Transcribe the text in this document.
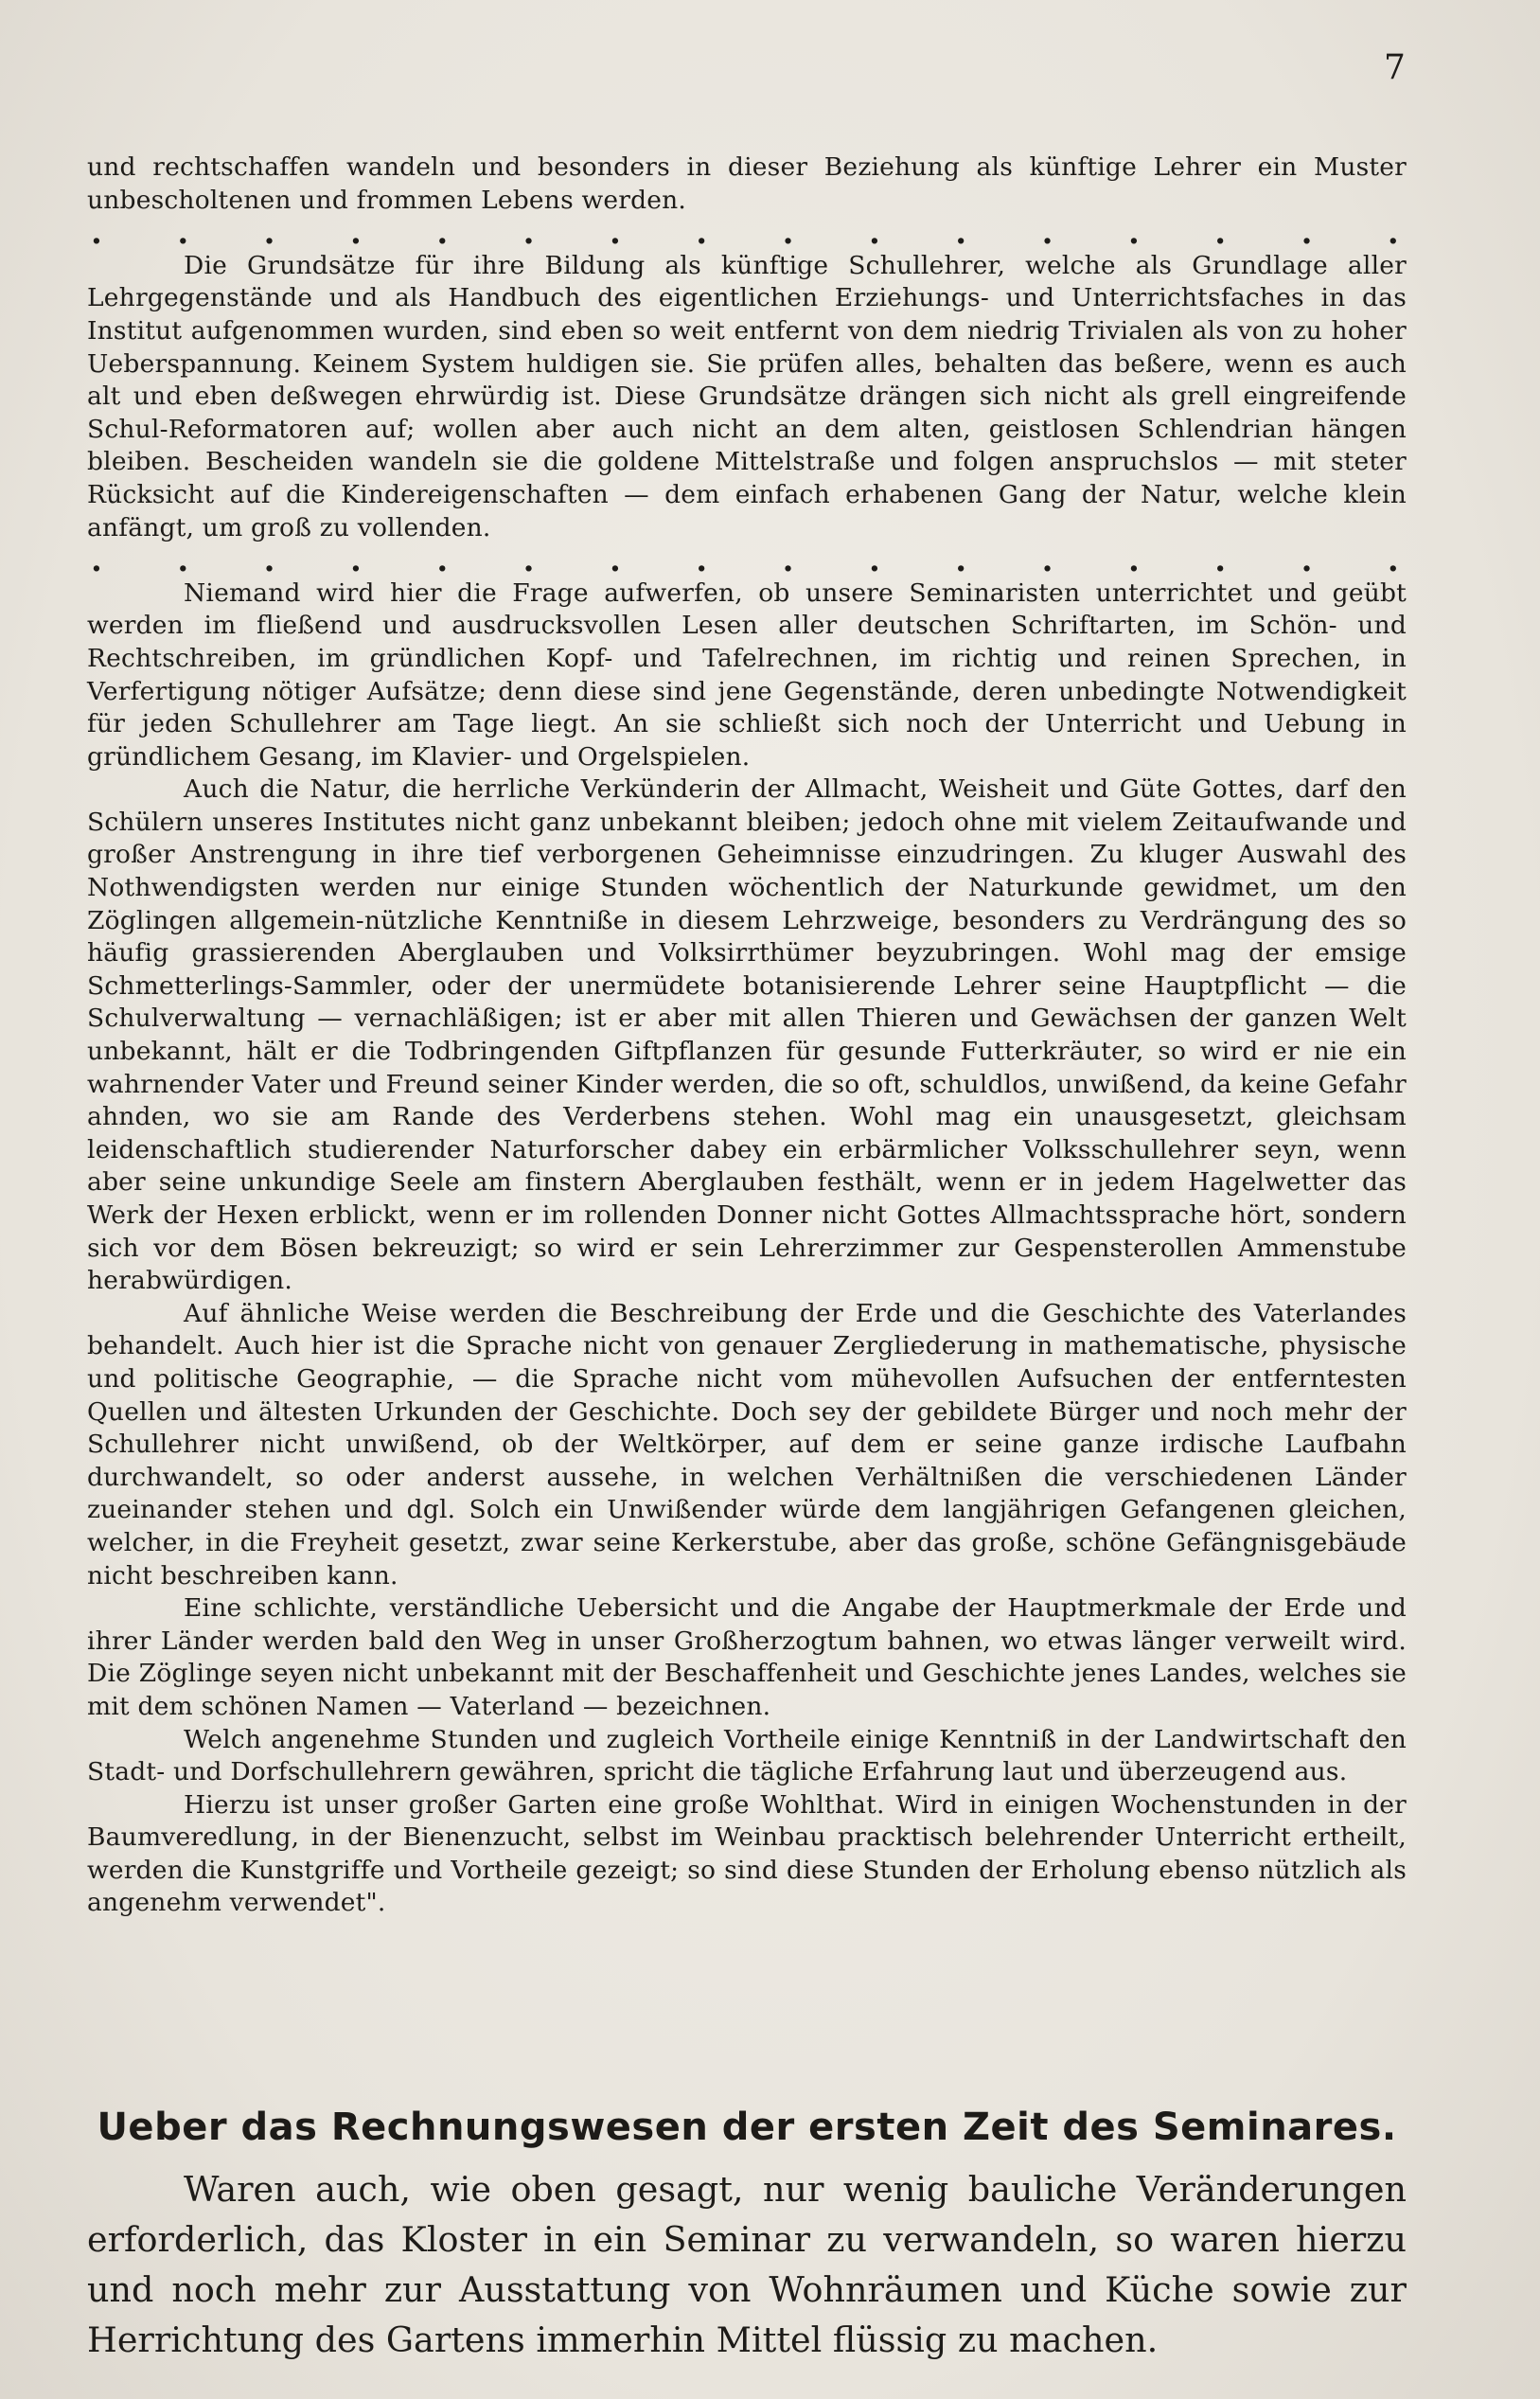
7

und rechtschaffen wandeln und besonders in dieser Beziehung als künftige Lehrer ein Muster unbescholtenen und frommen Lebens werden.

. . . . . . . . . . . . . . . .

Die Grundsätze für ihre Bildung als künftige Schullehrer, welche als Grundlage aller Lehrgegenstände und als Handbuch des eigentlichen Erziehungs- und Unterrichtsfaches in das Institut aufgenommen wurden, sind eben so weit entfernt von dem niedrig Trivialen als von zu hoher Ueberspannung. Keinem System huldigen sie. Sie prüfen alles, behalten das beßere, wenn es auch alt und eben deßwegen ehrwürdig ist. Diese Grundsätze drängen sich nicht als grell eingreifende Schul-Reformatoren auf; wollen aber auch nicht an dem alten, geistlosen Schlendrian hängen bleiben. Bescheiden wandeln sie die goldene Mittelstraße und folgen anspruchslos — mit steter Rücksicht auf die Kindereigenschaften — dem einfach erhabenen Gang der Natur, welche klein anfängt, um groß zu vollenden.

. . . . . . . . . . . . . . . .

Niemand wird hier die Frage aufwerfen, ob unsere Seminaristen unterrichtet und geübt werden im fließend und ausdrucksvollen Lesen aller deutschen Schriftarten, im Schön- und Rechtschreiben, im gründlichen Kopf- und Tafelrechnen, im richtig und reinen Sprechen, in Verfertigung nötiger Aufsätze; denn diese sind jene Gegenstände, deren unbedingte Notwendigkeit für jeden Schullehrer am Tage liegt. An sie schließt sich noch der Unterricht und Uebung in gründlichem Gesang, im Klavier- und Orgelspielen.

Auch die Natur, die herrliche Verkünderin der Allmacht, Weisheit und Güte Gottes, darf den Schülern unseres Institutes nicht ganz unbekannt bleiben; jedoch ohne mit vielem Zeitaufwande und großer Anstrengung in ihre tief verborgenen Geheimnisse einzudringen. Zu kluger Auswahl des Nothwendigsten werden nur einige Stunden wöchentlich der Naturkunde gewidmet, um den Zöglingen allgemein-nützliche Kenntniße in diesem Lehrzweige, besonders zu Verdrängung des so häufig grassierenden Aberglauben und Volksirrthümer beyzubringen. Wohl mag der emsige Schmetterlings-Sammler, oder der unermüdete botanisierende Lehrer seine Hauptpflicht — die Schulverwaltung — vernachläßigen; ist er aber mit allen Thieren und Gewächsen der ganzen Welt unbekannt, hält er die Todbringenden Giftpflanzen für gesunde Futterkräuter, so wird er nie ein wahrnender Vater und Freund seiner Kinder werden, die so oft, schuldlos, unwißend, da keine Gefahr ahnden, wo sie am Rande des Verderbens stehen. Wohl mag ein unausgesetzt, gleichsam leidenschaftlich studierender Naturforscher dabey ein erbärmlicher Volksschullehrer seyn, wenn aber seine unkundige Seele am finstern Aberglauben festhält, wenn er in jedem Hagelwetter das Werk der Hexen erblickt, wenn er im rollenden Donner nicht Gottes Allmachtssprache hört, sondern sich vor dem Bösen bekreuzigt; so wird er sein Lehrerzimmer zur Gespensterollen Ammenstube herabwürdigen.

Auf ähnliche Weise werden die Beschreibung der Erde und die Geschichte des Vaterlandes behandelt. Auch hier ist die Sprache nicht von genauer Zergliederung in mathematische, physische und politische Geographie, — die Sprache nicht vom mühevollen Aufsuchen der entferntesten Quellen und ältesten Urkunden der Geschichte. Doch sey der gebildete Bürger und noch mehr der Schullehrer nicht unwißend, ob der Weltkörper, auf dem er seine ganze irdische Laufbahn durchwandelt, so oder anderst aussehe, in welchen Verhältnißen die verschiedenen Länder zueinander stehen und dgl. Solch ein Unwißender würde dem langjährigen Gefangenen gleichen, welcher, in die Freyheit gesetzt, zwar seine Kerkerstube, aber das große, schöne Gefängnisgebäude nicht beschreiben kann.

Eine schlichte, verständliche Uebersicht und die Angabe der Hauptmerkmale der Erde und ihrer Länder werden bald den Weg in unser Großherzogtum bahnen, wo etwas länger verweilt wird. Die Zöglinge seyen nicht unbekannt mit der Beschaffenheit und Geschichte jenes Landes, welches sie mit dem schönen Namen — Vaterland — bezeichnen.

Welch angenehme Stunden und zugleich Vortheile einige Kenntniß in der Landwirtschaft den Stadt- und Dorfschullehrern gewähren, spricht die tägliche Erfahrung laut und überzeugend aus.

Hierzu ist unser großer Garten eine große Wohlthat. Wird in einigen Wochenstunden in der Baumveredlung, in der Bienenzucht, selbst im Weinbau pracktisch belehrender Unterricht ertheilt, werden die Kunstgriffe und Vortheile gezeigt; so sind diese Stunden der Erholung ebenso nützlich als angenehm verwendet".

Ueber das Rechnungswesen der ersten Zeit des Seminares.

Waren auch, wie oben gesagt, nur wenig bauliche Veränderungen erforderlich, das Kloster in ein Seminar zu verwandeln, so waren hierzu und noch mehr zur Ausstattung von Wohnräumen und Küche sowie zur Herrichtung des Gartens immerhin Mittel flüssig zu machen.
